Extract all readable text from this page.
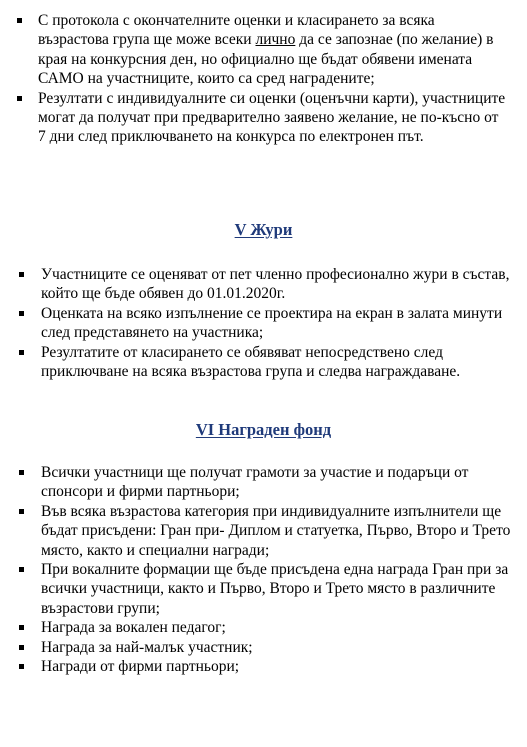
С протокола с окончателните оценки и класирането за всяка възрастова група ще може всеки лично да се запознае (по желание) в края на конкурсния ден, но официално ще бъдат обявени имената САМО на участниците, които са сред наградените;
Резултати с индивидуалните си оценки (оценъчни карти), участниците могат да получат при предварително заявено желание, не по-късно от 7 дни след приключването на конкурса по електронен път.
V Жури
Участниците се оценяват от пет членно професионално жури в състав, който ще бъде обявен до 01.01.2020г.
Оценката на всяко изпълнение се проектира на екран в залата минути след представянето на участника;
Резултатите от класирането се обявяват непосредствено след приключване на всяка възрастова група и следва награждаване.
VI Награден фонд
Всички участници ще получат грамоти за участие и подаръци от спонсори и фирми партньори;
Във всяка възрастова категория при индивидуалните изпълнители ще бъдат присъдени: Гран при- Диплом и статуетка, Първо, Второ и Трето място, както и специални награди;
При вокалните формации ще бъде присъдена една награда Гран при за всички участници, както и Първо, Второ и Трето място в различните възрастови групи;
Награда за вокален педагог;
Награда за най-малък участник;
Награди от фирми партньори;
